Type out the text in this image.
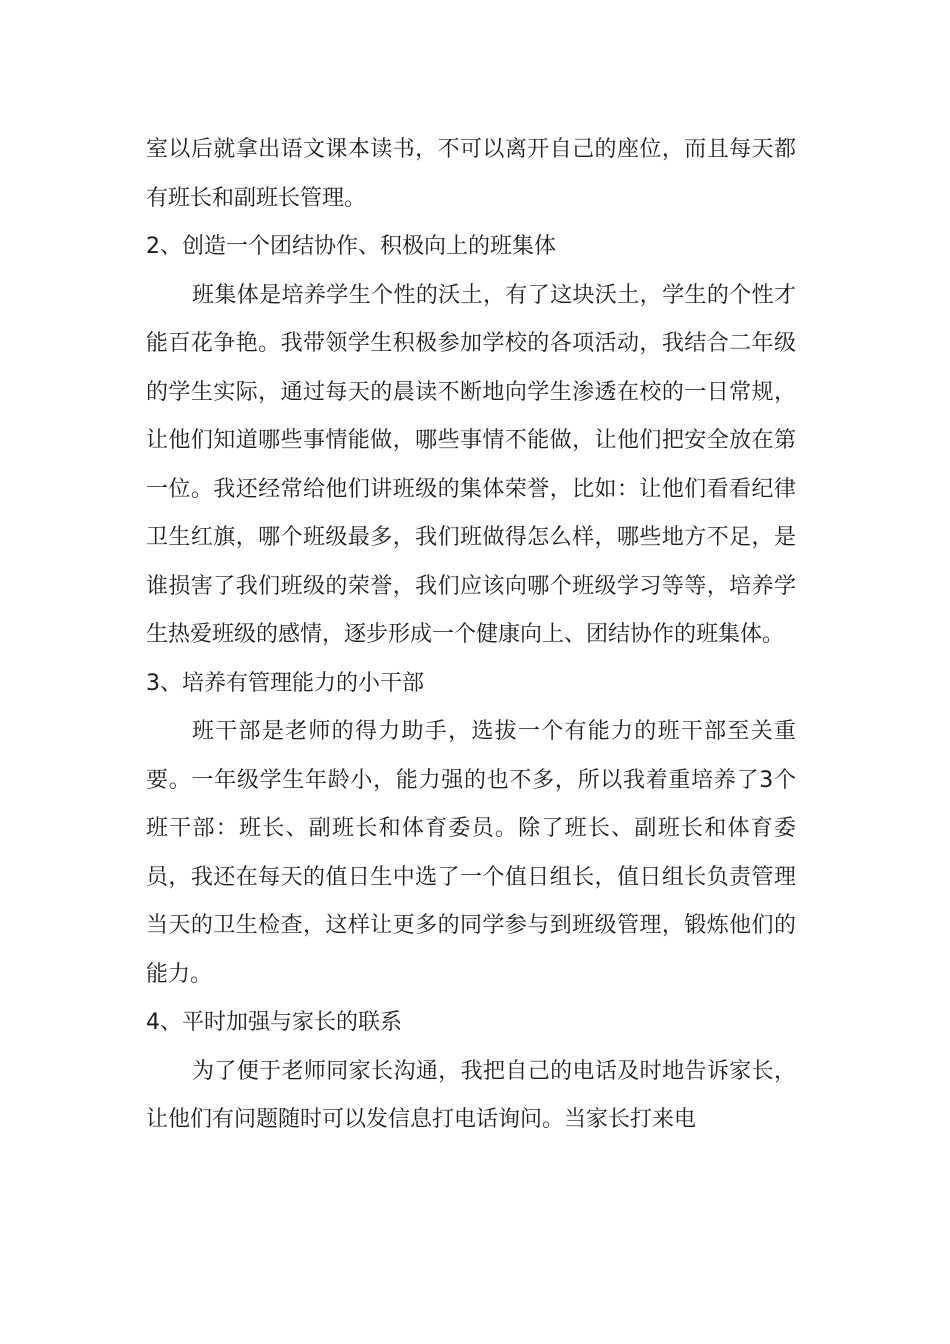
室以后就拿出语文课本读书，不可以离开自己的座位，而且每天都有班长和副班长管理。

2、创造一个团结协作、积极向上的班集体

班集体是培养学生个性的沃土，有了这块沃土，学生的个性才能百花争艳。我带领学生积极参加学校的各项活动，我结合二年级的学生实际，通过每天的晨读不断地向学生渗透在校的一日常规，让他们知道哪些事情能做，哪些事情不能做，让他们把安全放在第一位。我还经常给他们讲班级的集体荣誉，比如：让他们看看纪律卫生红旗，哪个班级最多，我们班做得怎么样，哪些地方不足，是谁损害了我们班级的荣誉，我们应该向哪个班级学习等等，培养学生热爱班级的感情，逐步形成一个健康向上、团结协作的班集体。

3、培养有管理能力的小干部

班干部是老师的得力助手，选拔一个有能力的班干部至关重要。一年级学生年龄小，能力强的也不多，所以我着重培养了3个班干部：班长、副班长和体育委员。除了班长、副班长和体育委员，我还在每天的值日生中选了一个值日组长，值日组长负责管理当天的卫生检查，这样让更多的同学参与到班级管理，锻炼他们的能力。

4、平时加强与家长的联系

为了便于老师同家长沟通，我把自己的电话及时地告诉家长，让他们有问题随时可以发信息打电话询问。当家长打来电
